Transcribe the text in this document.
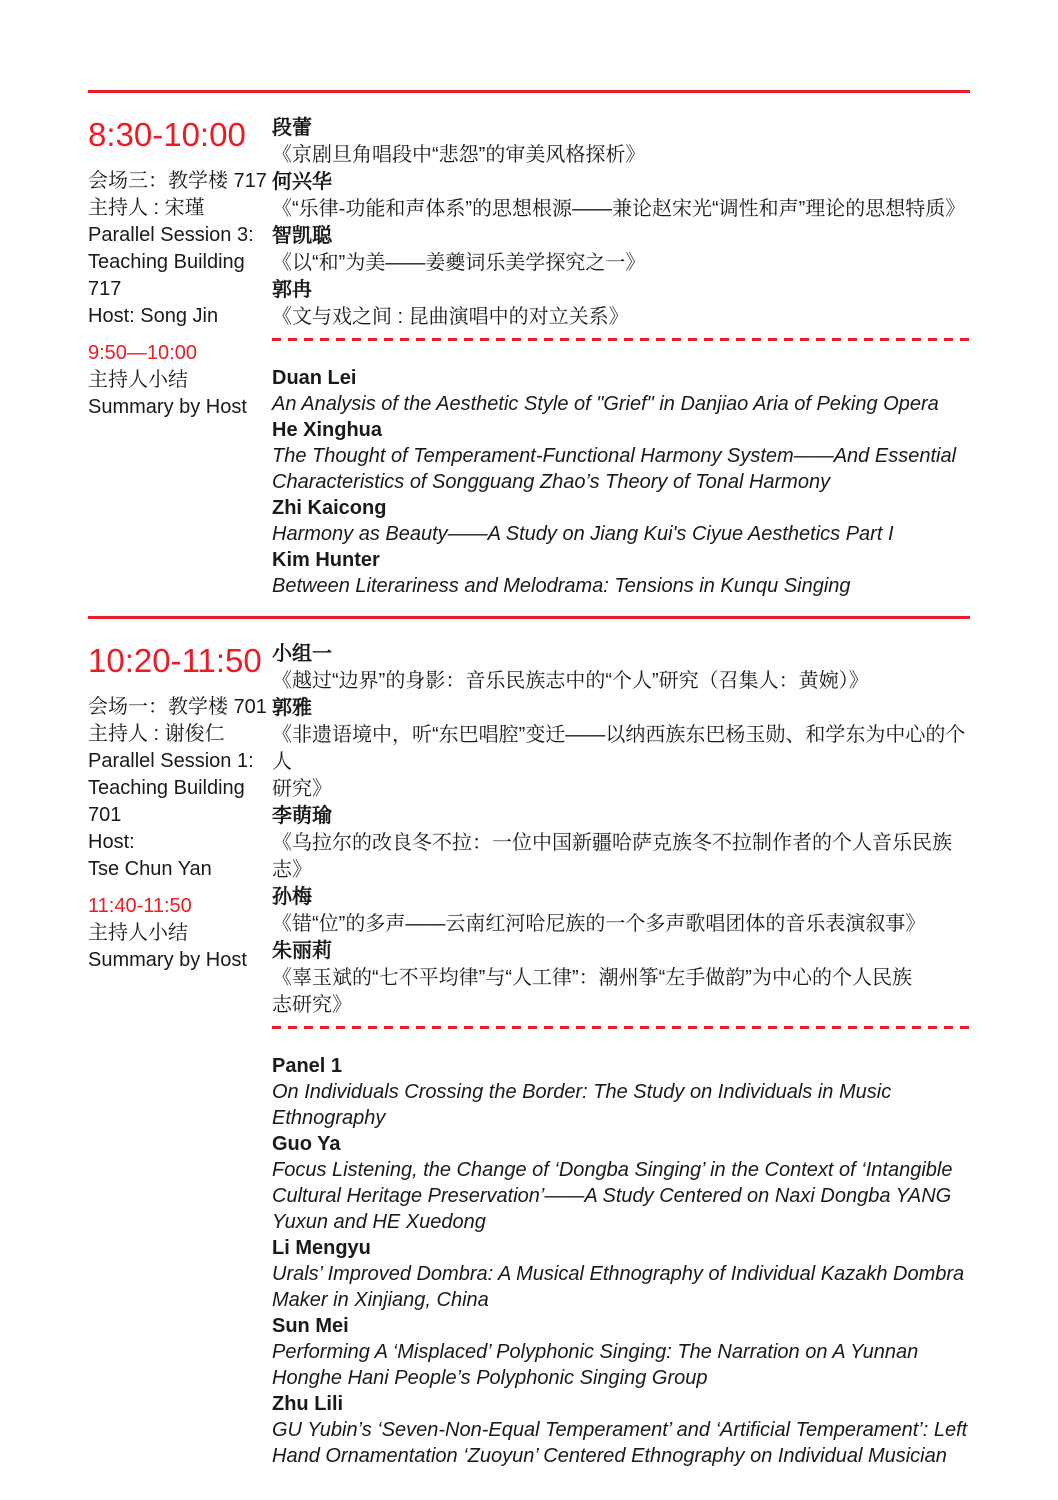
8:30-10:00
会场三：教学楼 717
主持人 : 宋瑾
Parallel Session 3:
Teaching Building
717
Host: Song Jin
9:50—10:00
主持人小结
Summary by Host
段蕾
《京剧旦角唱段中“悲怨”的审美风格探析》
何兴华
《“乐律-功能和声体系”的思想根源——兼论赵宋光“调性和声”理论的思想特质》
智凯聪
《以“和”为美——姜夔词乐美学探究之一》
郭冉
《文与戏之间 : 昆曲演唱中的对立关系》
Duan Lei
An Analysis of the Aesthetic Style of "Grief" in Danjiao Aria of Peking Opera
He Xinghua
The Thought of Temperament-Functional Harmony System——And Essential
Characteristics of Songguang Zhao’s Theory of Tonal Harmony
Zhi Kaicong
Harmony as Beauty——A Study on Jiang Kui's Ciyue Aesthetics Part I
Kim Hunter
Between Literariness and Melodrama: Tensions in Kunqu Singing
10:20-11:50
会场一：教学楼 701
主持人 : 谢俊仁
Parallel Session 1:
Teaching Building
701
Host:
Tse Chun Yan
11:40-11:50
主持人小结
Summary by Host
小组一
《越过“边界”的身影：音乐民族志中的“个人”研究（召集人：黄婉）》
郭雅
《非遗语境中，听“东巴唱腔”变迁——以纳西族东巴杨玉勋、和学东为中心的个人
研究》
李萌瑜
《乌拉尔的改良冬不拉：一位中国新疆哈萨克族冬不拉制作者的个人音乐民族志》
孙梅
《错“位”的多声——云南红河哈尼族的一个多声歌唱团体的音乐表演叙事》
朱丽莉
《辜玉斌的“七不平均律”与“人工律”：潮州筝“左手做韵”为中心的个人民族
志研究》
Panel 1
On Individuals Crossing the Border: The Study on Individuals in Music
Ethnography
Guo Ya
Focus Listening, the Change of ‘Dongba Singing’ in the Context of ‘Intangible
Cultural Heritage Preservation’——A Study Centered on Naxi Dongba YANG
Yuxun and HE Xuedong
Li Mengyu
Urals’ Improved Dombra: A Musical Ethnography of Individual Kazakh Dombra
Maker in Xinjiang, China
Sun Mei
Performing A ‘Misplaced’ Polyphonic Singing: The Narration on A Yunnan
Honghe Hani People’s Polyphonic Singing Group
Zhu Lili
GU Yubin’s ‘Seven-Non-Equal Temperament’ and ‘Artificial Temperament’: Left
Hand Ornamentation ‘Zuoyun’ Centered Ethnography on Individual Musician
